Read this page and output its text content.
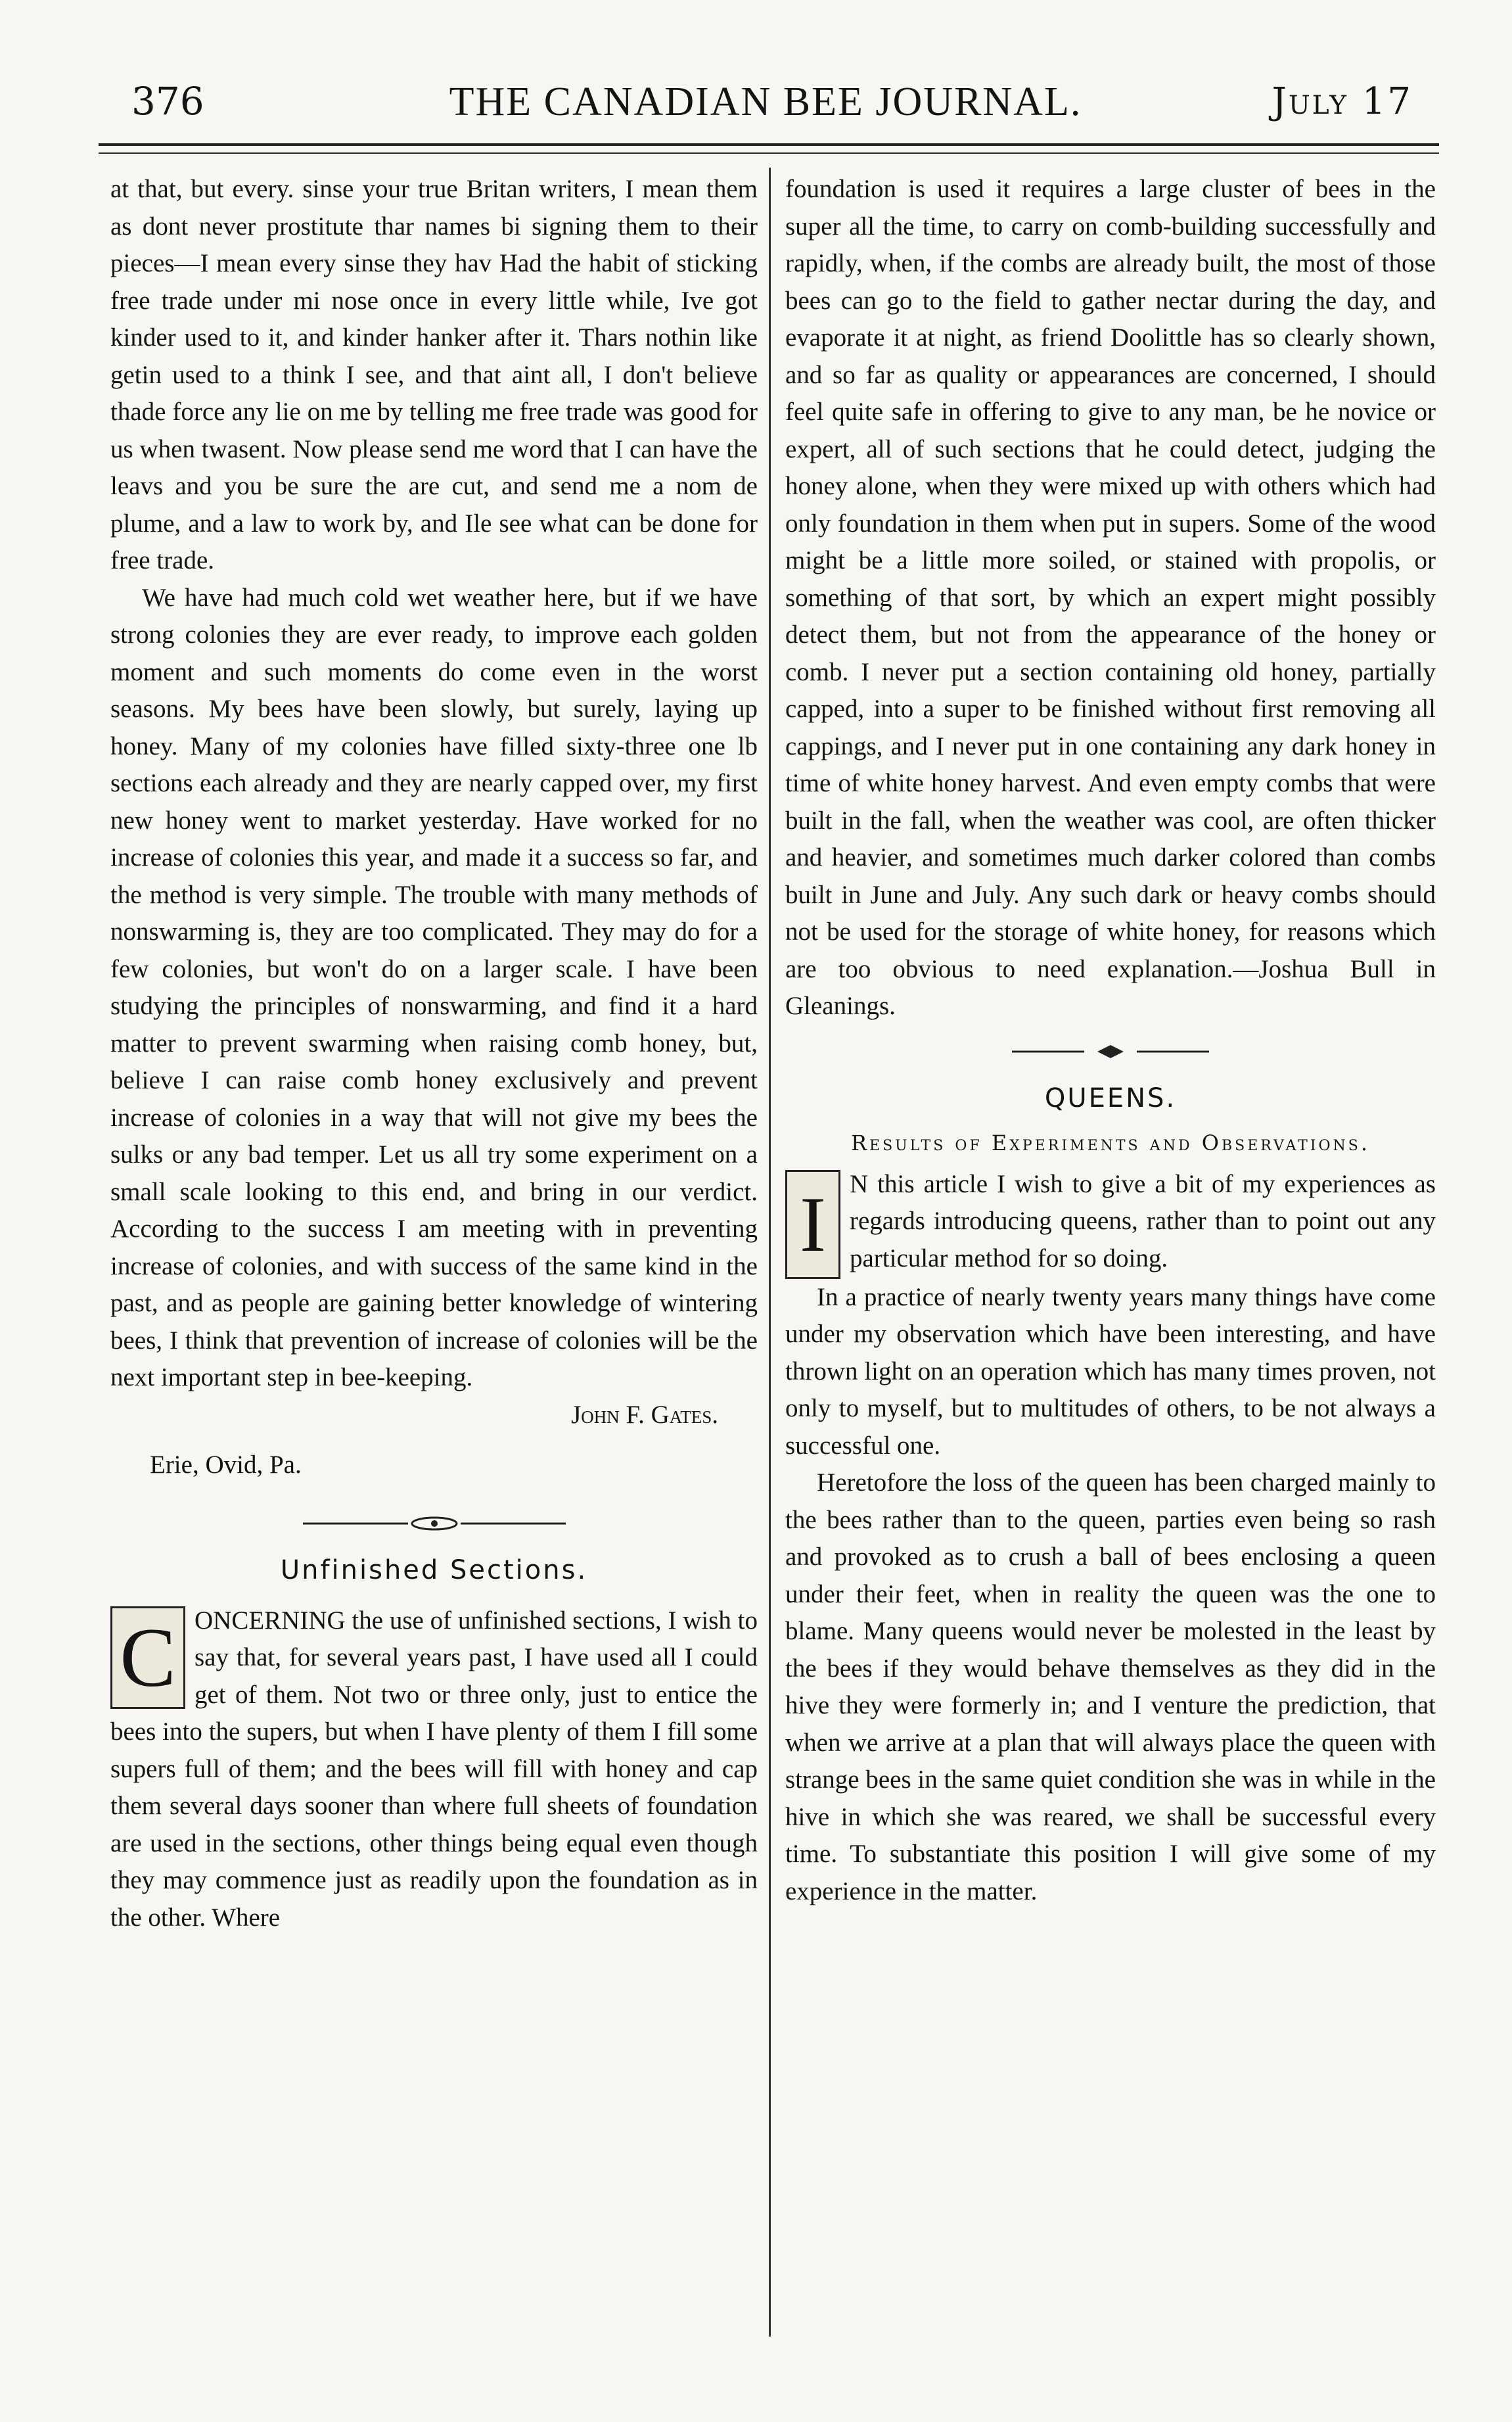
376	THE CANADIAN BEE JOURNAL.	July 17

at that, but every. sinse your true Britan writers, I mean them as dont never prostitute thar names bi signing them to their pieces—I mean every sinse they hav Had the habit of sticking free trade under mi nose once in every little while, Ive got kinder used to it, and kinder hanker after it. Thars nothin like getin used to a think I see, and that aint all, I don't believe thade force any lie on me by telling me free trade was good for us when twasent. Now please send me word that I can have the leavs and you be sure the are cut, and send me a nom de plume, and a law to work by, and Ile see what can be done for free trade.

We have had much cold wet weather here, but if we have strong colonies they are ever ready, to improve each golden moment and such moments do come even in the worst seasons. My bees have been slowly, but surely, laying up honey. Many of my colonies have filled sixty-three one lb sections each already and they are nearly capped over, my first new honey went to market yesterday. Have worked for no increase of colonies this year, and made it a success so far, and the method is very simple. The trouble with many methods of nonswarming is, they are too complicated. They may do for a few colonies, but won't do on a larger scale. I have been studying the principles of nonswarming, and find it a hard matter to prevent swarming when raising comb honey, but, believe I can raise comb honey exclusively and prevent increase of colonies in a way that will not give my bees the sulks or any bad temper. Let us all try some experiment on a small scale looking to this end, and bring in our verdict. According to the success I am meeting with in preventing increase of colonies, and with success of the same kind in the past, and as people are gaining better knowledge of wintering bees, I think that prevention of increase of colonies will be the next important step in bee-keeping.

John F. Gates.

Erie, Ovid, Pa.

Unfinished Sections.
C ONCERNING the use of unfinished sections, I wish to say that, for several years past, I have used all I could get of them. Not two or three only, just to entice the bees into the supers, but when I have plenty of them I fill some supers full of them; and the bees will fill with honey and cap them several days sooner than where full sheets of foundation are used in the sections, other things being equal even though they may commence just as readily upon the foundation as in the other. Where

foundation is used it requires a large cluster of bees in the super all the time, to carry on comb-building successfully and rapidly, when, if the combs are already built, the most of those bees can go to the field to gather nectar during the day, and evaporate it at night, as friend Doolittle has so clearly shown, and so far as quality or appearances are concerned, I should feel quite safe in offering to give to any man, be he novice or expert, all of such sections that he could detect, judging the honey alone, when they were mixed up with others which had only foundation in them when put in supers. Some of the wood might be a little more soiled, or stained with propolis, or something of that sort, by which an expert might possibly detect them, but not from the appearance of the honey or comb. I never put a section containing old honey, partially capped, into a super to be finished without first removing all cappings, and I never put in one containing any dark honey in time of white honey harvest. And even empty combs that were built in the fall, when the weather was cool, are often thicker and heavier, and sometimes much darker colored than combs built in June and July. Any such dark or heavy combs should not be used for the storage of white honey, for reasons which are too obvious to need explanation.—Joshua Bull in Gleanings.

QUEENS.
Results of Experiments and Observations.
I N this article I wish to give a bit of my experiences as regards introducing queens, rather than to point out any particular method for so doing.

In a practice of nearly twenty years many things have come under my observation which have been interesting, and have thrown light on an operation which has many times proven, not only to myself, but to multitudes of others, to be not always a successful one.

Heretofore the loss of the queen has been charged mainly to the bees rather than to the queen, parties even being so rash and provoked as to crush a ball of bees enclosing a queen under their feet, when in reality the queen was the one to blame. Many queens would never be molested in the least by the bees if they would behave themselves as they did in the hive they were formerly in; and I venture the prediction, that when we arrive at a plan that will always place the queen with strange bees in the same quiet condition she was in while in the hive in which she was reared, we shall be successful every time. To substantiate this position I will give some of my experience in the matter.
